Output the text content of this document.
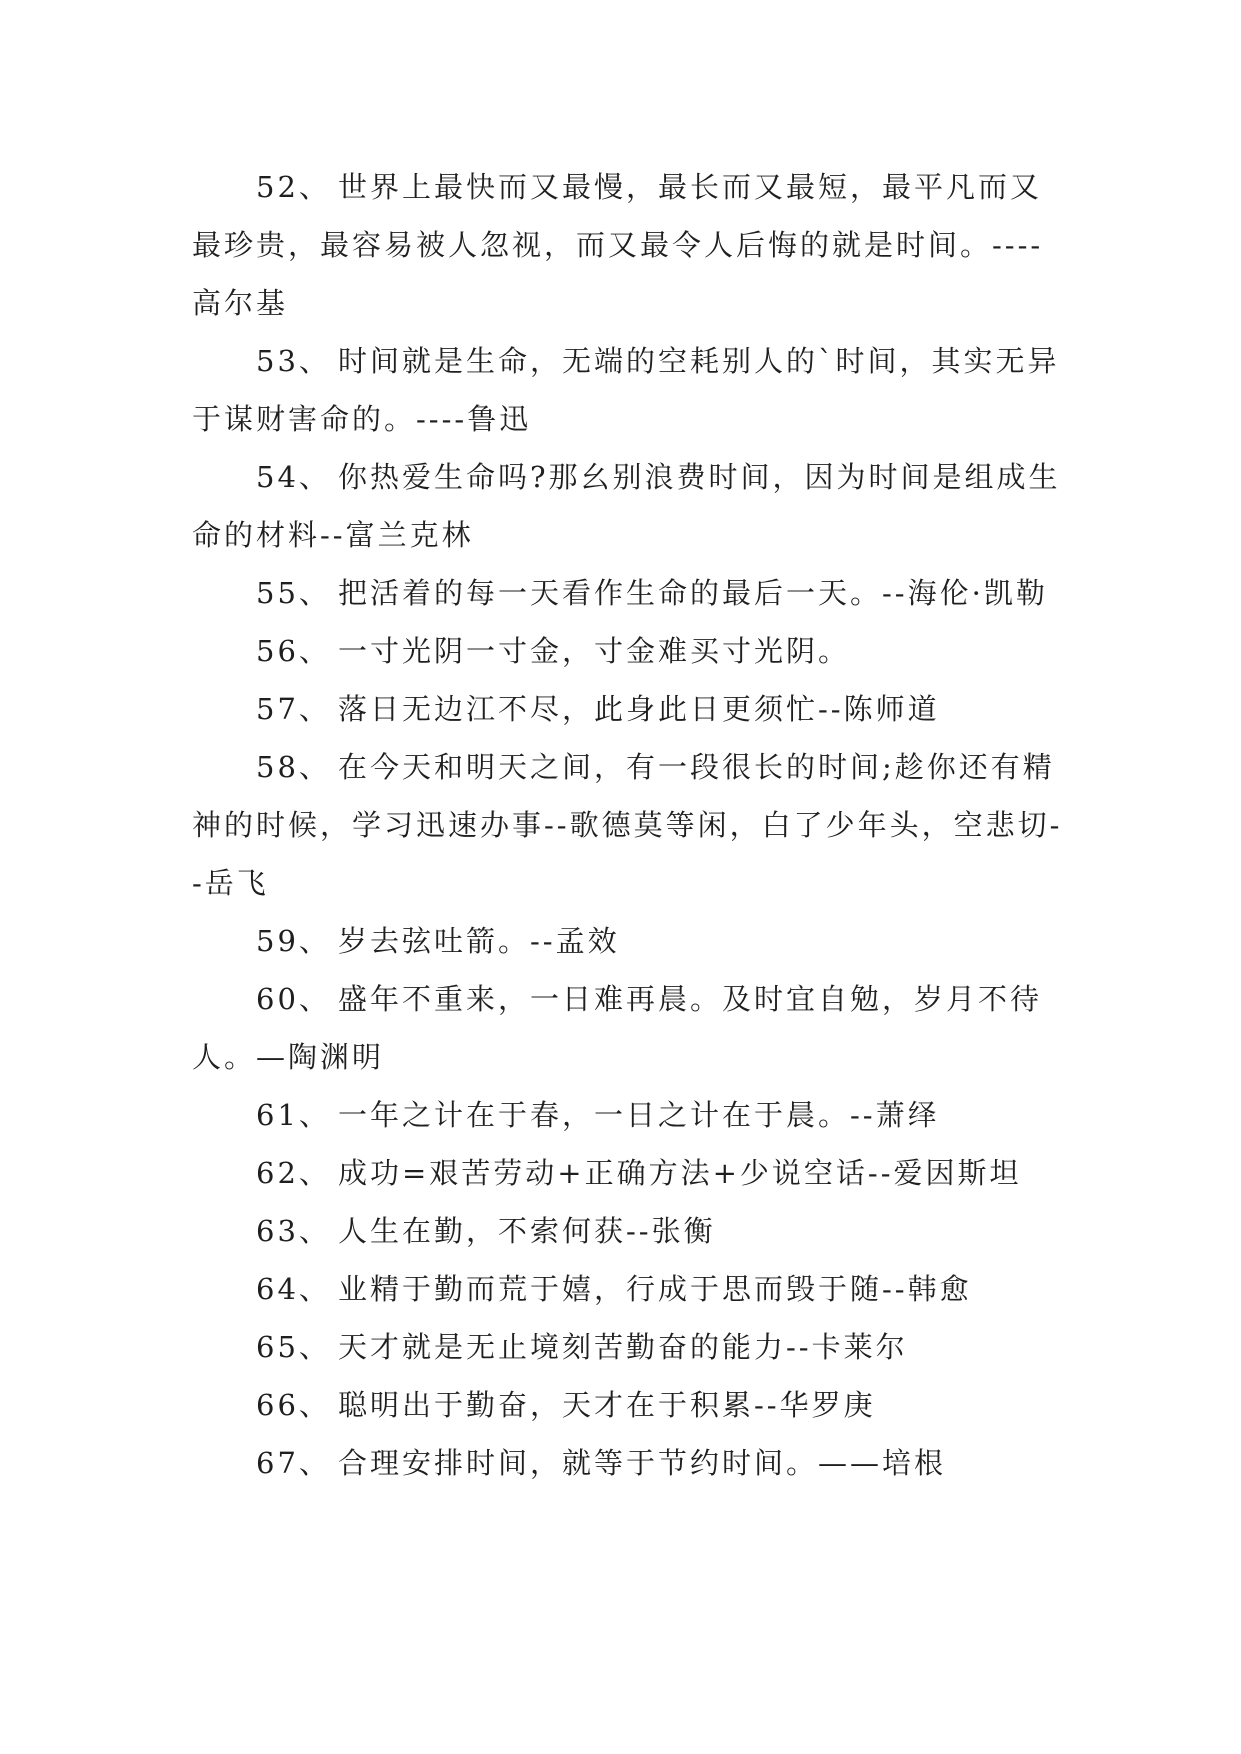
52、 世界上最快而又最慢，最长而又最短，最平凡而又最珍贵，最容易被人忽视，而又最令人后悔的就是时间。----高尔基

53、 时间就是生命，无端的空耗别人的`时间，其实无异于谋财害命的。----鲁迅

54、 你热爱生命吗?那幺别浪费时间，因为时间是组成生命的材料--富兰克林

55、 把活着的每一天看作生命的最后一天。--海伦·凯勒

56、 一寸光阴一寸金，寸金难买寸光阴。

57、 落日无边江不尽，此身此日更须忙--陈师道

58、 在今天和明天之间，有一段很长的时间;趁你还有精神的时候，学习迅速办事--歌德莫等闲，白了少年头，空悲切--岳飞

59、 岁去弦吐箭。--孟效

60、 盛年不重来，一日难再晨。及时宜自勉，岁月不待人。—陶渊明

61、 一年之计在于春，一日之计在于晨。--萧绎

62、 成功=艰苦劳动+正确方法+少说空话--爱因斯坦

63、 人生在勤，不索何获--张衡

64、 业精于勤而荒于嬉，行成于思而毁于随--韩愈

65、 天才就是无止境刻苦勤奋的能力--卡莱尔

66、 聪明出于勤奋，天才在于积累--华罗庚

67、 合理安排时间，就等于节约时间。——培根
